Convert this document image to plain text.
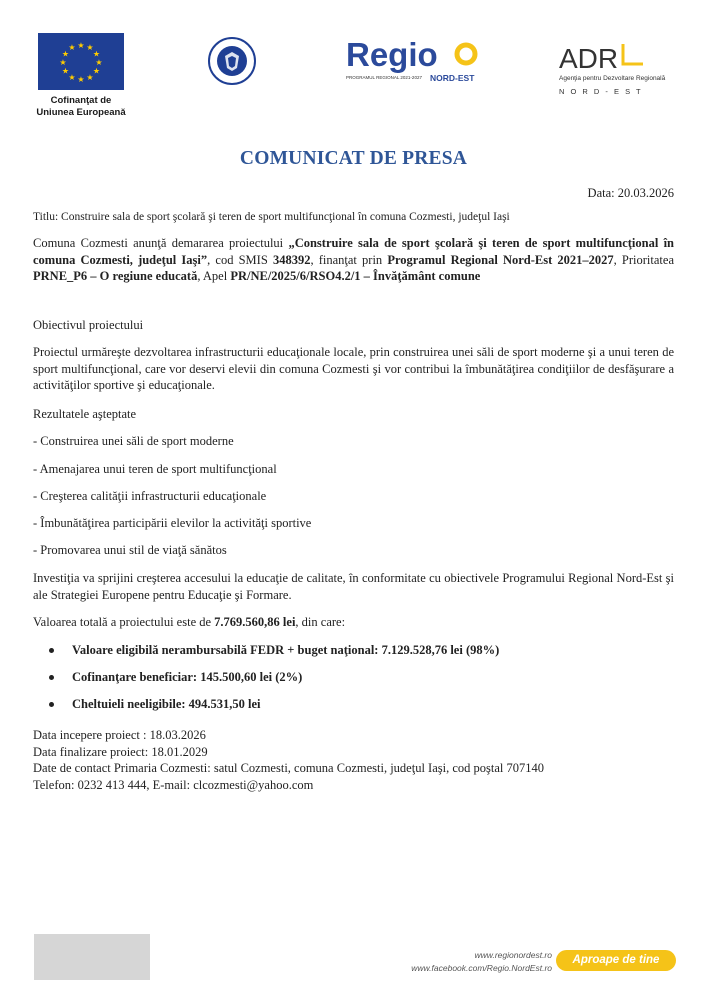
★ ★
★
★
★
★
★
★
★
★
★
★
Cofinanţat de
Uniunea Europeană
Regio
PROGRAMUL REGIONAL 2021-2027 NORD-EST
ADR
Agenţia pentru Dezvoltare Regională
N O R D - E S T
COMUNICAT DE PRESA
Data: 20.03.2026
Titlu: Construire sala de sport şcolară şi teren de sport multifuncţional în comuna Cozmesti, judeţul Iaşi
Comuna Cozmesti anunţă demararea proiectului „Construire sala de sport şcolară şi teren de sport multifuncţional în comuna Cozmesti, judeţul Iaşi”, cod SMIS 348392, finanţat prin Programul Regional Nord-Est 2021–2027, Prioritatea PRNE_P6 – O regiune educată, Apel PR/NE/2025/6/RSO4.2/1 – Învăţământ comune
Obiectivul proiectului
Proiectul urmăreşte dezvoltarea infrastructurii educaţionale locale, prin construirea unei săli de sport moderne şi a unui teren de sport multifuncţional, care vor deservi elevii din comuna Cozmesti şi vor contribui la îmbunătăţirea condiţiilor de desfăşurare a activităţilor sportive şi educaţionale.
Rezultatele aşteptate
- Construirea unei săli de sport moderne
- Amenajarea unui teren de sport multifuncţional
- Creşterea calităţii infrastructurii educaţionale
- Îmbunătăţirea participării elevilor la activităţi sportive
- Promovarea unui stil de viaţă sănătos
Investiţia va sprijini creşterea accesului la educaţie de calitate, în conformitate cu obiectivele Programului Regional Nord-Est şi ale Strategiei Europene pentru Educaţie şi Formare.
Valoarea totală a proiectului este de 7.769.560,86 lei, din care:
Valoare eligibilă nerambursabilă FEDR + buget naţional: 7.129.528,76 lei (98%)
Cofinanţare beneficiar: 145.500,60 lei (2%)
Cheltuieli neeligibile: 494.531,50 lei
Data incepere proiect : 18.03.2026
Data finalizare proiect: 18.01.2029
Date de contact Primaria Cozmesti: satul Cozmesti, comuna Cozmesti, judeţul Iaşi, cod poştal 707140
Telefon: 0232 413 444, E-mail: clcozmesti@yahoo.com
www.regionordest.ro
www.facebook.com/Regio.NordEst.ro
Aproape de tine
